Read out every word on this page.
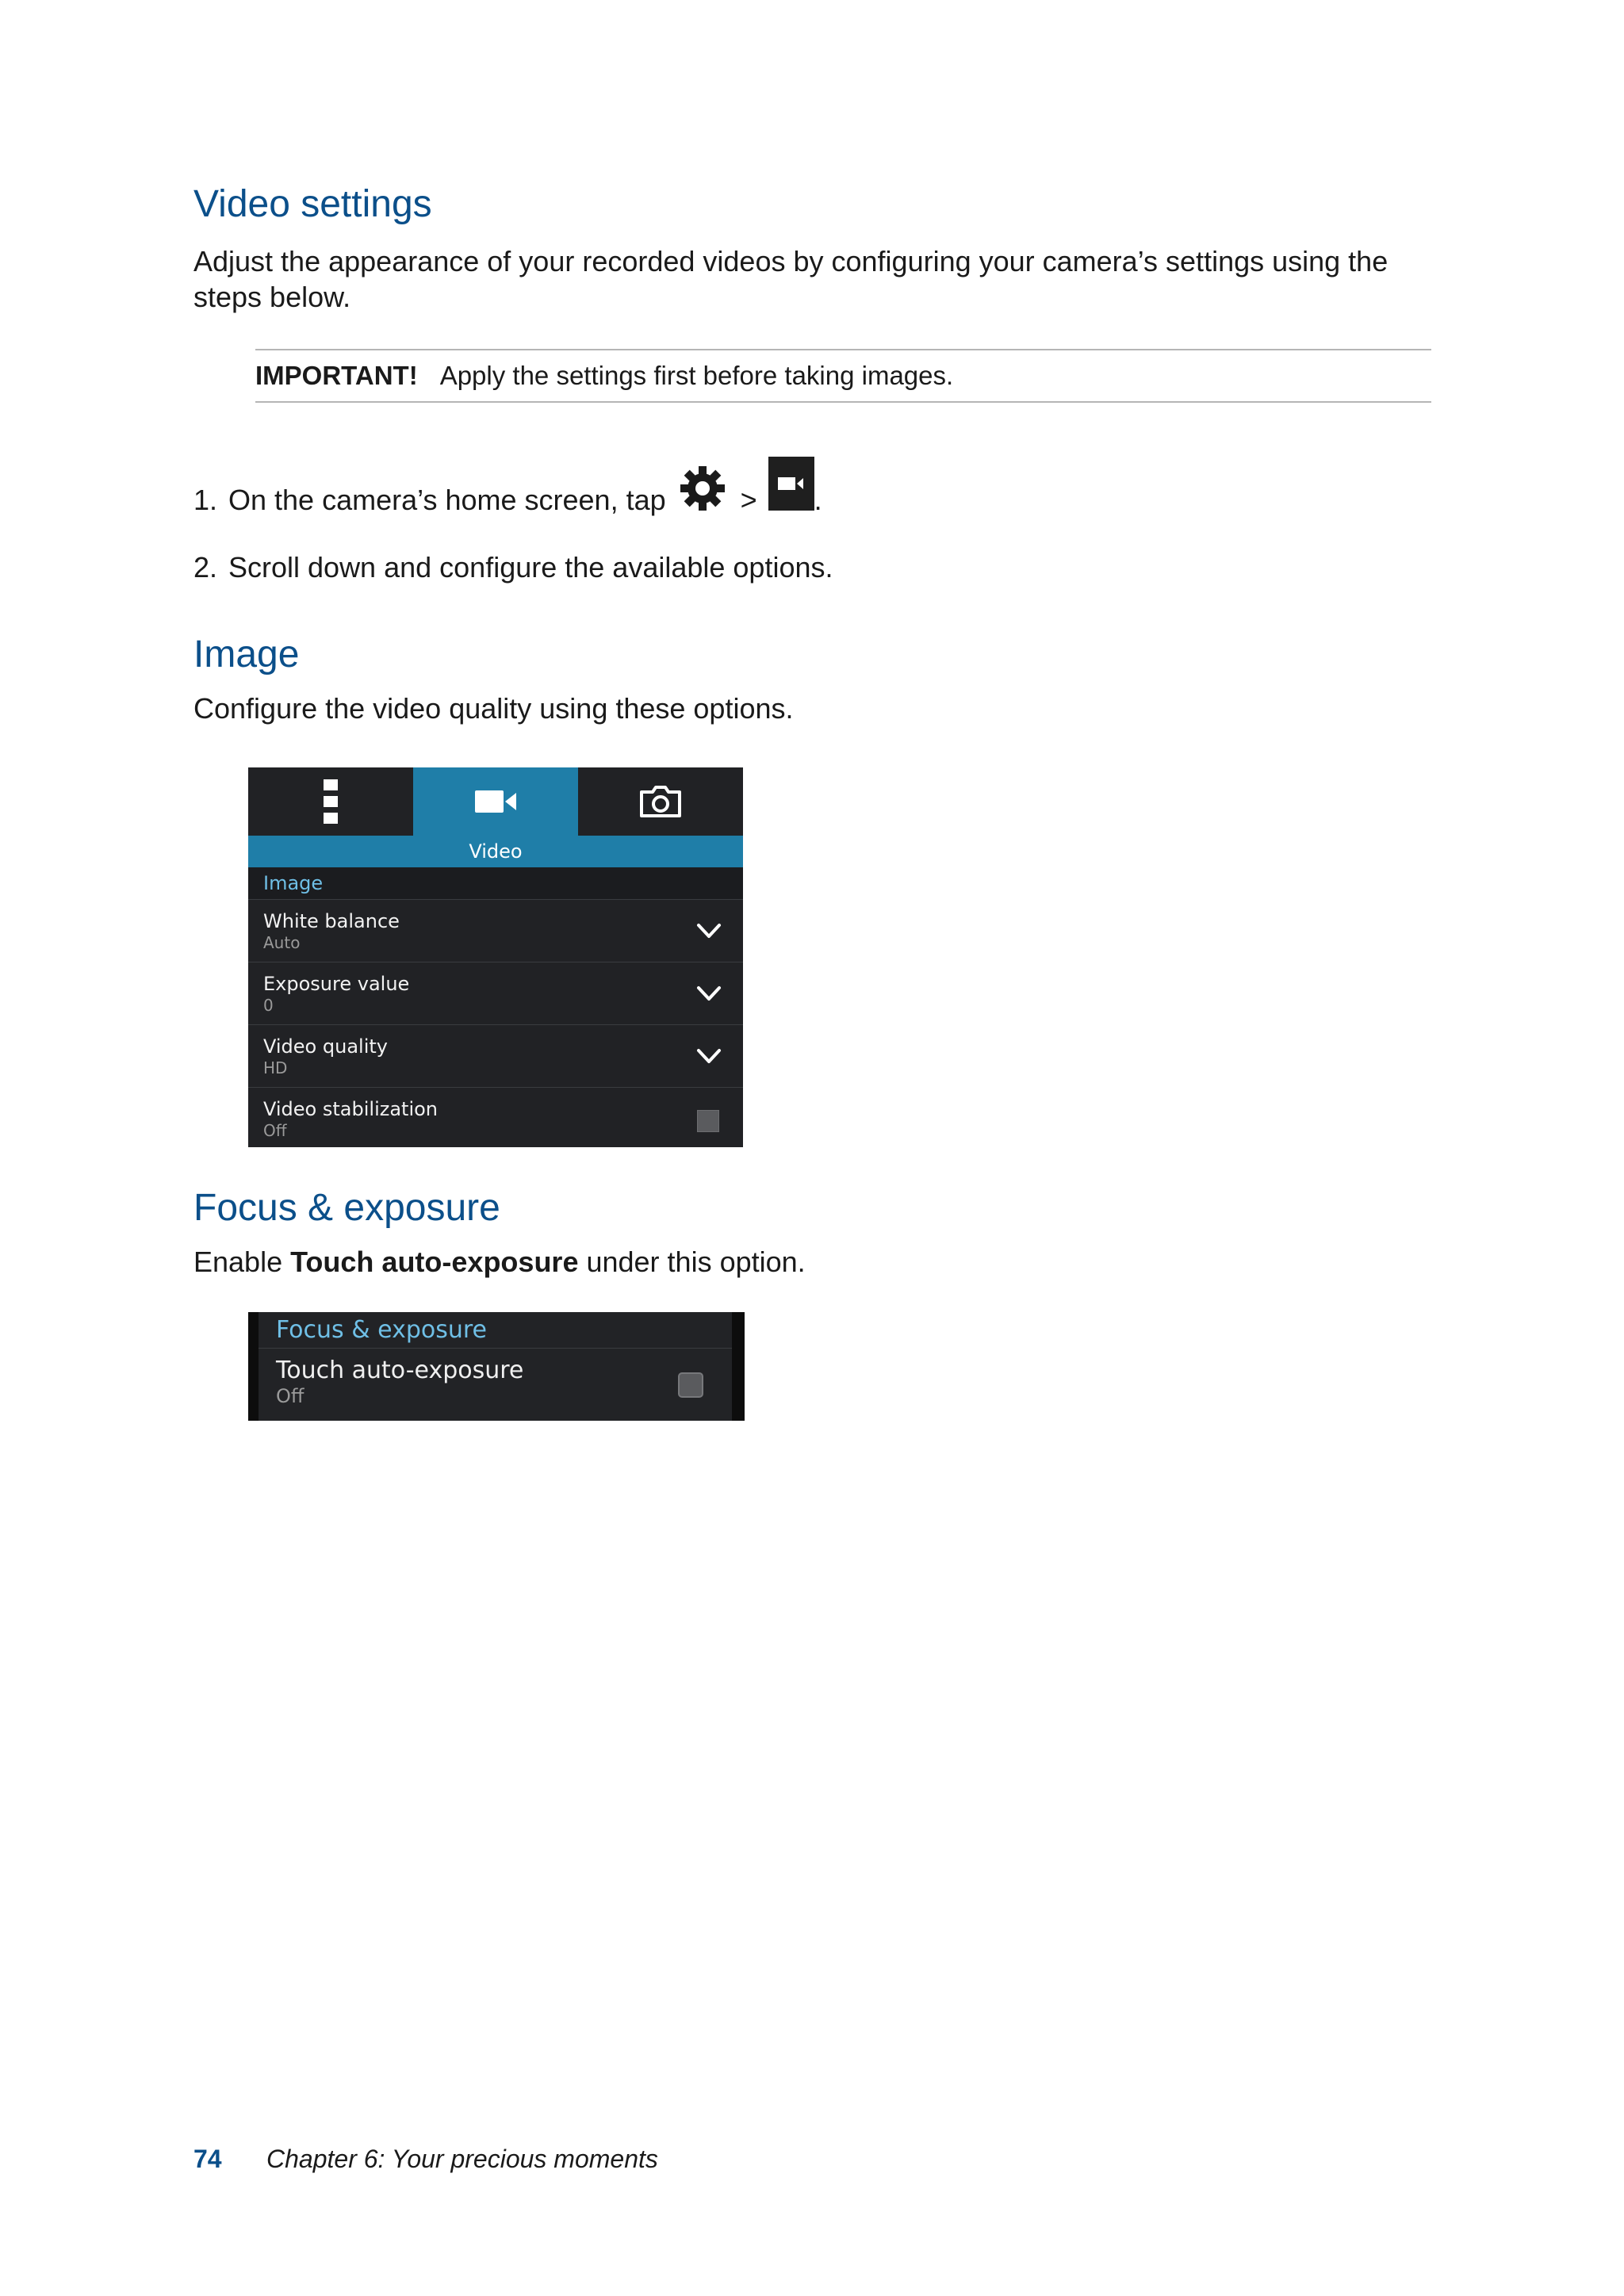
Video settings

Adjust the appearance of your recorded videos by configuring your camera’s settings using the steps below.

IMPORTANT! Apply the settings first before taking images.
1. On the camera’s home screen, tap	> .
2. Scroll down and configure the available options.
Image

Configure the video quality using these options.

Video
Image
White balance
Auto
Exposure value
0
Video quality
HD
Video stabilization
Off
Focus & exposure

Enable Touch auto-exposure under this option.

Focus & exposure
Touch auto-exposure
Off
74	Chapter 6: Your precious moments
